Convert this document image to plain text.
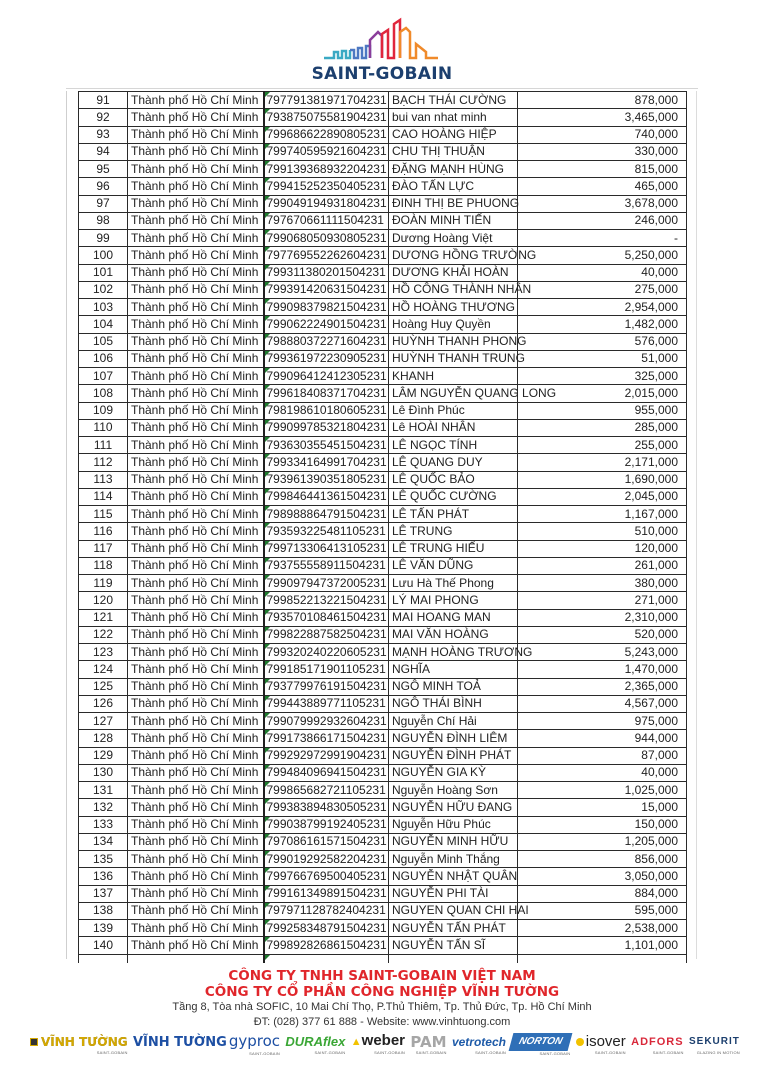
SAINT-GOBAIN
91	Thành phố Hồ Chí Minh	797791381971704231	BẠCH THÁI CƯỜNG	878,000
92	Thành phố Hồ Chí Minh	793875075581904231	bui van nhat minh	3,465,000
93	Thành phố Hồ Chí Minh	799686622890805231	CAO HOÀNG HIỆP	740,000
94	Thành phố Hồ Chí Minh	799740595921604231	CHU THỊ THUẬN	330,000
95	Thành phố Hồ Chí Minh	799139368932204231	ĐẶNG MẠNH HÙNG	815,000
96	Thành phố Hồ Chí Minh	799415252350405231	ĐÀO TẤN LỰC	465,000
97	Thành phố Hồ Chí Minh	799049194931804231	ĐINH THỊ BE PHUONG	3,678,000
98	Thành phố Hồ Chí Minh	797670661111504231	ĐOÀN MINH TIẾN	246,000
99	Thành phố Hồ Chí Minh	799068050930805231	Dương Hoàng Việt	-
100	Thành phố Hồ Chí Minh	797769552262604231	DƯƠNG HỒNG TRƯỜNG	5,250,000
101	Thành phố Hồ Chí Minh	799311380201504231	DƯƠNG KHẢI HOÀN	40,000
102	Thành phố Hồ Chí Minh	799391420631504231	HỒ CÔNG THÀNH NHÂN	275,000
103	Thành phố Hồ Chí Minh	799098379821504231	HỒ HOÀNG THƯƠNG	2,954,000
104	Thành phố Hồ Chí Minh	799062224901504231	Hoàng Huy Quyền	1,482,000
105	Thành phố Hồ Chí Minh	798880372271604231	HUỲNH THANH PHONG	576,000
106	Thành phố Hồ Chí Minh	799361972230905231	HUỲNH THANH TRUNG	51,000
107	Thành phố Hồ Chí Minh	799096412412305231	KHANH	325,000
108	Thành phố Hồ Chí Minh	799618408371704231	LÂM NGUYỄN QUANG LONG	2,015,000
109	Thành phố Hồ Chí Minh	798198610180605231	Lê Đình Phúc	955,000
110	Thành phố Hồ Chí Minh	799099785321804231	Lê HOÀI NHÂN	285,000
111	Thành phố Hồ Chí Minh	793630355451504231	LÊ NGỌC TÍNH	255,000
112	Thành phố Hồ Chí Minh	799334164991704231	LÊ QUANG DUY	2,171,000
113	Thành phố Hồ Chí Minh	793961390351805231	LÊ QUỐC BẢO	1,690,000
114	Thành phố Hồ Chí Minh	799846441361504231	LÊ QUỐC CƯỜNG	2,045,000
115	Thành phố Hồ Chí Minh	798988864791504231	LÊ TẤN PHÁT	1,167,000
116	Thành phố Hồ Chí Minh	793593225481105231	LÊ TRUNG	510,000
117	Thành phố Hồ Chí Minh	799713306413105231	LÊ TRUNG HIẾU	120,000
118	Thành phố Hồ Chí Minh	793755558911504231	LÊ VĂN DŨNG	261,000
119	Thành phố Hồ Chí Minh	799097947372005231	Lưu Hà Thế Phong	380,000
120	Thành phố Hồ Chí Minh	799852213221504231	LÝ MAI PHONG	271,000
121	Thành phố Hồ Chí Minh	793570108461504231	MAI HOANG MAN	2,310,000
122	Thành phố Hồ Chí Minh	799822887582504231	MAI VĂN HOÀNG	520,000
123	Thành phố Hồ Chí Minh	799320240220605231	MẠNH HOÀNG TRƯƠNG	5,243,000
124	Thành phố Hồ Chí Minh	799185171901105231	NGHĨA	1,470,000
125	Thành phố Hồ Chí Minh	793779976191504231	NGÔ MINH TOẢ	2,365,000
126	Thành phố Hồ Chí Minh	799443889771105231	NGÔ THÁI BÌNH	4,567,000
127	Thành phố Hồ Chí Minh	799079992932604231	Nguyễn Chí Hải	975,000
128	Thành phố Hồ Chí Minh	799173866171504231	NGUYỄN ĐÌNH LIÊM	944,000
129	Thành phố Hồ Chí Minh	799292972991904231	NGUYỄN ĐÌNH PHÁT	87,000
130	Thành phố Hồ Chí Minh	799484096941504231	NGUYỄN GIA KỲ	40,000
131	Thành phố Hồ Chí Minh	799865682721105231	Nguyễn Hoàng Sơn	1,025,000
132	Thành phố Hồ Chí Minh	799383894830505231	NGUYỄN HỮU ĐANG	15,000
133	Thành phố Hồ Chí Minh	799038799192405231	Nguyễn Hữu Phúc	150,000
134	Thành phố Hồ Chí Minh	797086161571504231	NGUYỄN MINH HỮU	1,205,000
135	Thành phố Hồ Chí Minh	799019292582204231	Nguyễn Minh Thắng	856,000
136	Thành phố Hồ Chí Minh	799766769500405231	NGUYỄN NHẬT QUÂN	3,050,000
137	Thành phố Hồ Chí Minh	799161349891504231	NGUYỄN PHI TÀI	884,000
138	Thành phố Hồ Chí Minh	797971128782404231	NGUYEN QUAN CHI HAI	595,000
139	Thành phố Hồ Chí Minh	799258348791504231	NGUYỄN TẤN PHÁT	2,538,000
140	Thành phố Hồ Chí Minh	799892826861504231	NGUYỄN TẤN SĨ	1,101,000

CÔNG TY TNHH SAINT-GOBAIN VIỆT NAM
CÔNG TY CỔ PHẦN CÔNG NGHIỆP VĨNH TƯỜNG
Tầng 8, Tòa nhà SOFIC, 10 Mai Chí Thọ, P.Thủ Thiêm, Tp. Thủ Đức, Tp. Hồ Chí Minh
ĐT: (028) 377 61 888 - Website: www.vinhtuong.com
VĨNH TƯỜNG
SAINT-GOBAIN
VĨNH TƯỜNG gyproc
SAINT-GOBAIN
DURAflex
SAINT-GOBAIN
▲weber
SAINT-GOBAIN
PAM
SAINT-GOBAIN
vetrotech
SAINT-GOBAIN
NORTON
SAINT-GOBAIN
isover
SAINT-GOBAIN
ADFORS
SAINT-GOBAIN
SEKURIT
GLAZING IN MOTION
